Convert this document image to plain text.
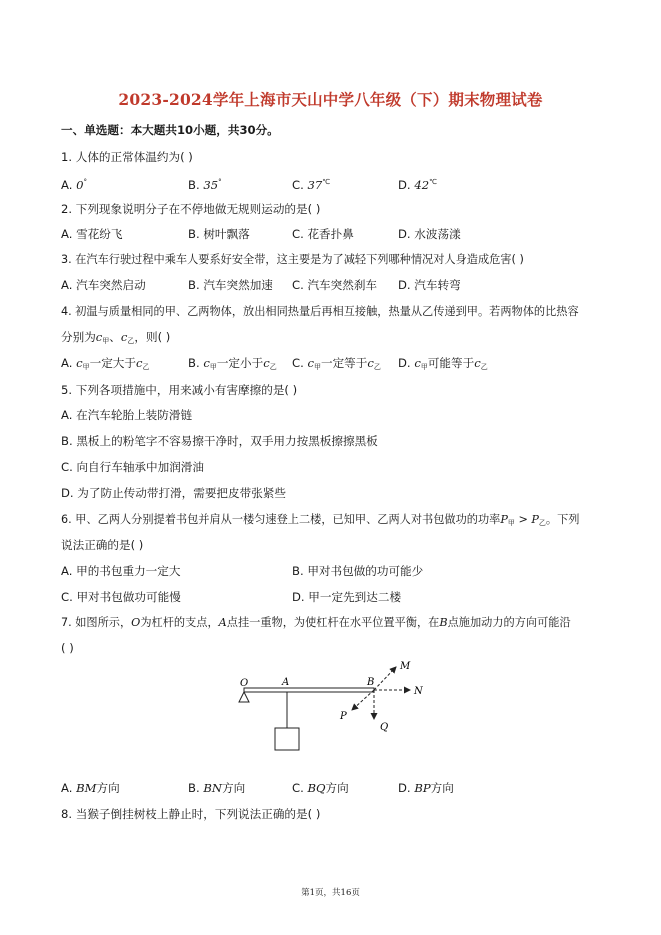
2023-2024学年上海市天山中学八年级（下）期末物理试卷
一、单选题：本大题共10小题，共30分。
1. 人体的正常体温约为( )
A. 0°	B. 35°	C. 37℃	D. 42℃
2. 下列现象说明分子在不停地做无规则运动的是( )
A. 雪花纷飞	B. 树叶飘落	C. 花香扑鼻	D. 水波荡漾
3. 在汽车行驶过程中乘车人要系好安全带，这主要是为了减轻下列哪种情况对人身造成危害( )
A. 汽车突然启动	B. 汽车突然加速 C. 汽车突然刹车 D. 汽车转弯
4. 初温与质量相同的甲、乙两物体，放出相同热量后再相互接触，热量从乙传递到甲。若两物体的比热容
分别为$c_甲$、$c_乙$，则( )
A. $c_甲$一定大于$c_乙$	B. $c_甲$一定小于$c_乙$ C. $c_甲$一定等于$c_乙$ D. $c_甲$可能等于$c_乙$
5. 下列各项措施中，用来减小有害摩擦的是( )
A. 在汽车轮胎上装防滑链
B. 黑板上的粉笔字不容易擦干净时，双手用力按黑板擦擦黑板
C. 向自行车轴承中加润滑油
D. 为了防止传动带打滑，需要把皮带张紧些
6. 甲、乙两人分别提着书包并肩从一楼匀速登上二楼，已知甲、乙两人对书包做功的功率$P_甲 > P_乙$。下列
说法正确的是( )
A. 甲的书包重力一定大	B. 甲对书包做的功可能少
C. 甲对书包做功可能慢	D. 甲一定先到达二楼
7. 如图所示，O为杠杆的支点，A点挂一重物，为使杠杆在水平位置平衡，在B点施加动力的方向可能沿
( )
O	A	B
M
N
P
Q
A. BM方向	B. BN方向	C. BQ方向	D. BP方向
8. 当猴子倒挂树枝上静止时，下列说法正确的是( )
第1页，共16页
